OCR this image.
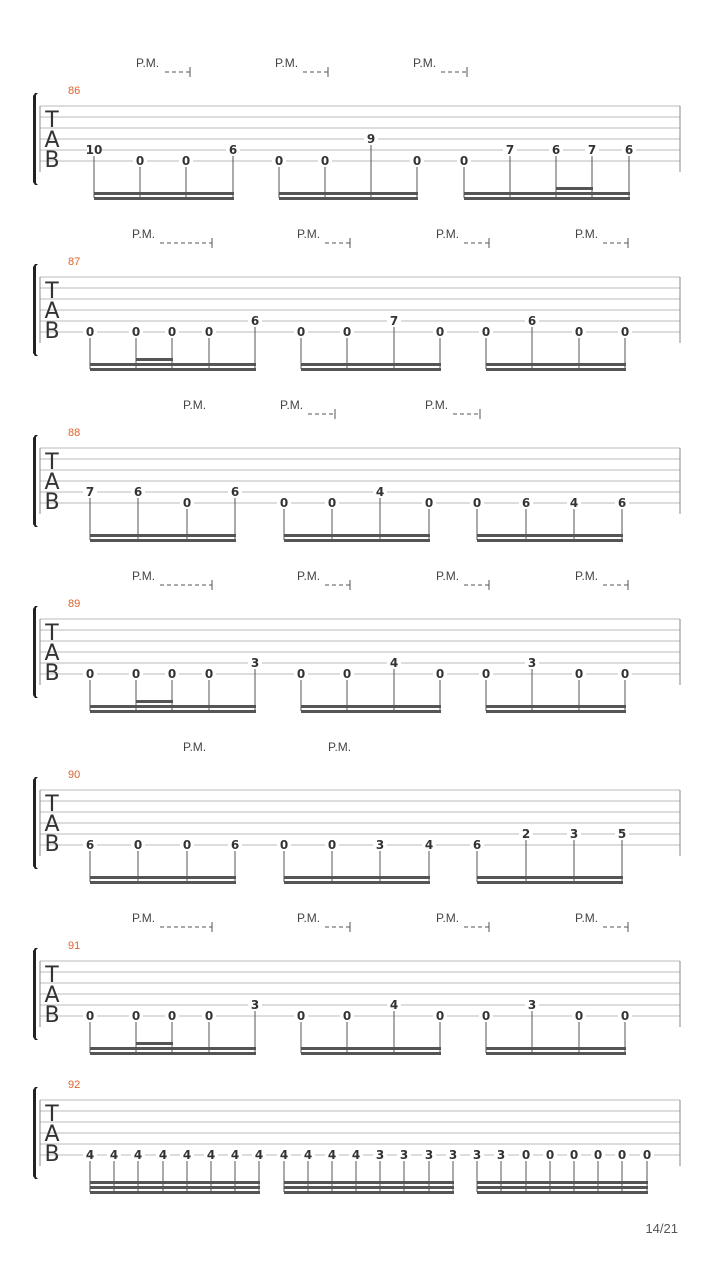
P.M.	P.M.	P.M.
86
T
A
B 10
0	0
6
0	0
9
0	0
7	6 7 6
P.M.	P.M.	P.M.	P.M.
87
T
A
B 0	0 0 0
6
0	0
7
0	0
6
0	0
P.M.	P.M.	P.M.
88
T
A
B 7	6
0
6
0	0
4
0	0	6	4	6
P.M.	P.M.	P.M.	P.M.
89
T
A
B 0	0 0 0
3
0	0
4
0	0
3
0	0
P.M.	P.M.
90
T
A
B 6	0	0	6	0	0	3	4	6
2	3	5
P.M.	P.M.	P.M.	P.M.
91
T
A
B 0	0 0 0
3
0	0
4
0	0
3
0	0
92
T
A
B 4 4 4 4 4 4 4 4 4 4 4 4 3 3 3 3 3 3 0 0 0 0 0 0
14/21
